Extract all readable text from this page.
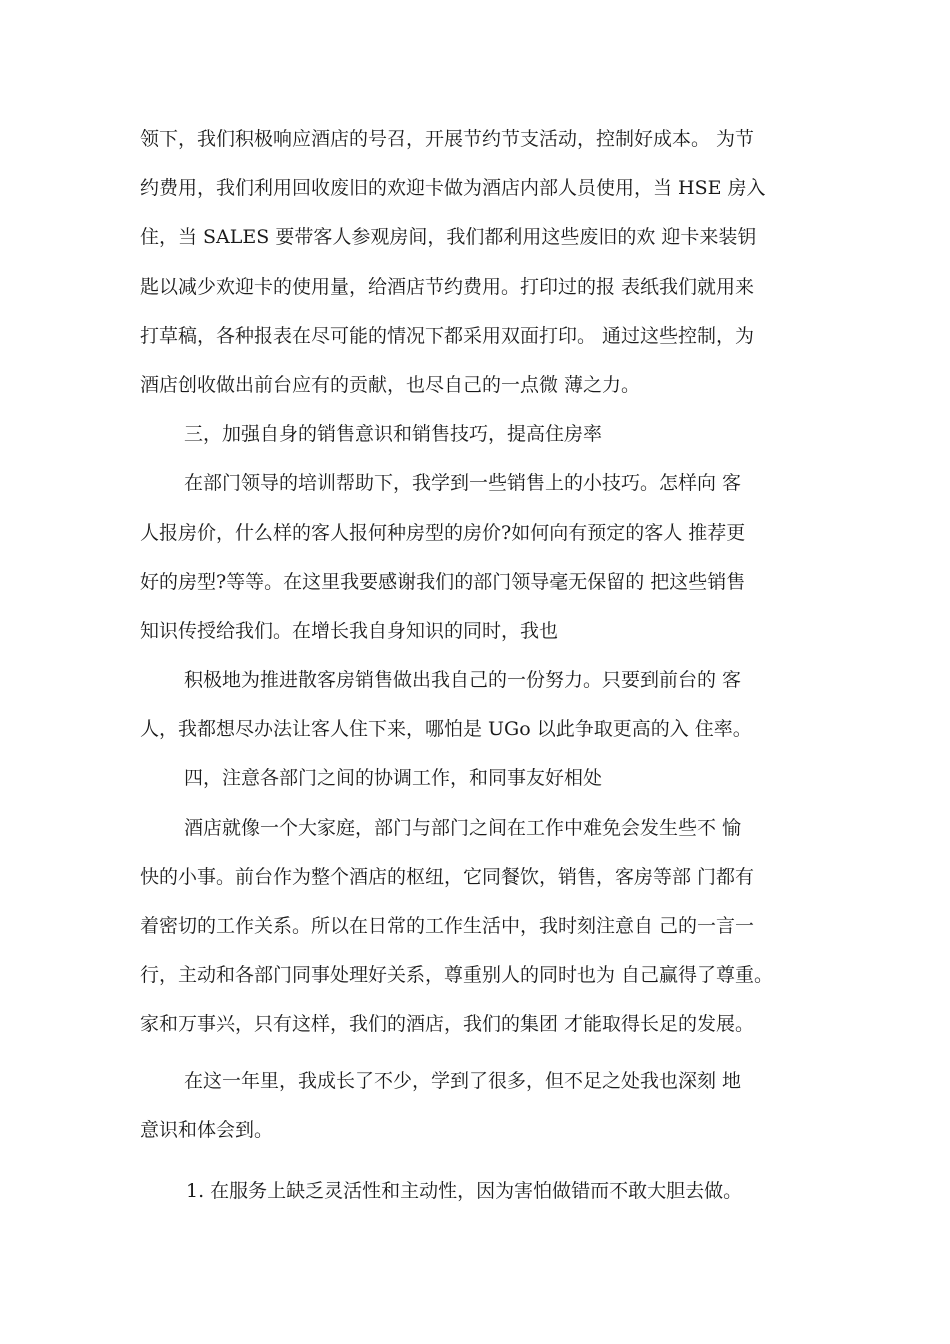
领下，我们积极响应酒店的号召，开展节约节支活动，控制好成本。 为节
约费用，我们利用回收废旧的欢迎卡做为酒店内部人员使用，当 HSE 房入
住，当 SALES 要带客人参观房间，我们都利用这些废旧的欢 迎卡来装钥
匙以减少欢迎卡的使用量，给酒店节约费用。打印过的报 表纸我们就用来
打草稿，各种报表在尽可能的情况下都采用双面打印。 通过这些控制，为
酒店创收做出前台应有的贡献，也尽自己的一点微 薄之力。
三，加强自身的销售意识和销售技巧，提高住房率
在部门领导的培训帮助下，我学到一些销售上的小技巧。怎样向 客
人报房价，什么样的客人报何种房型的房价?如何向有预定的客人 推荐更
好的房型?等等。在这里我要感谢我们的部门领导毫无保留的 把这些销售
知识传授给我们。在增长我自身知识的同时，我也
积极地为推进散客房销售做出我自己的一份努力。只要到前台的 客
人，我都想尽办法让客人住下来，哪怕是 UGo 以此争取更高的入 住率。
四，注意各部门之间的协调工作，和同事友好相处
酒店就像一个大家庭，部门与部门之间在工作中难免会发生些不 愉
快的小事。前台作为整个酒店的枢纽，它同餐饮，销售，客房等部 门都有
着密切的工作关系。所以在日常的工作生活中，我时刻注意自 己的一言一
行，主动和各部门同事处理好关系，尊重别人的同时也为 自己赢得了尊重。
家和万事兴，只有这样，我们的酒店，我们的集团 才能取得长足的发展。
在这一年里，我成长了不少，学到了很多，但不足之处我也深刻 地
意识和体会到。
1. 在服务上缺乏灵活性和主动性，因为害怕做错而不敢大胆去做。
